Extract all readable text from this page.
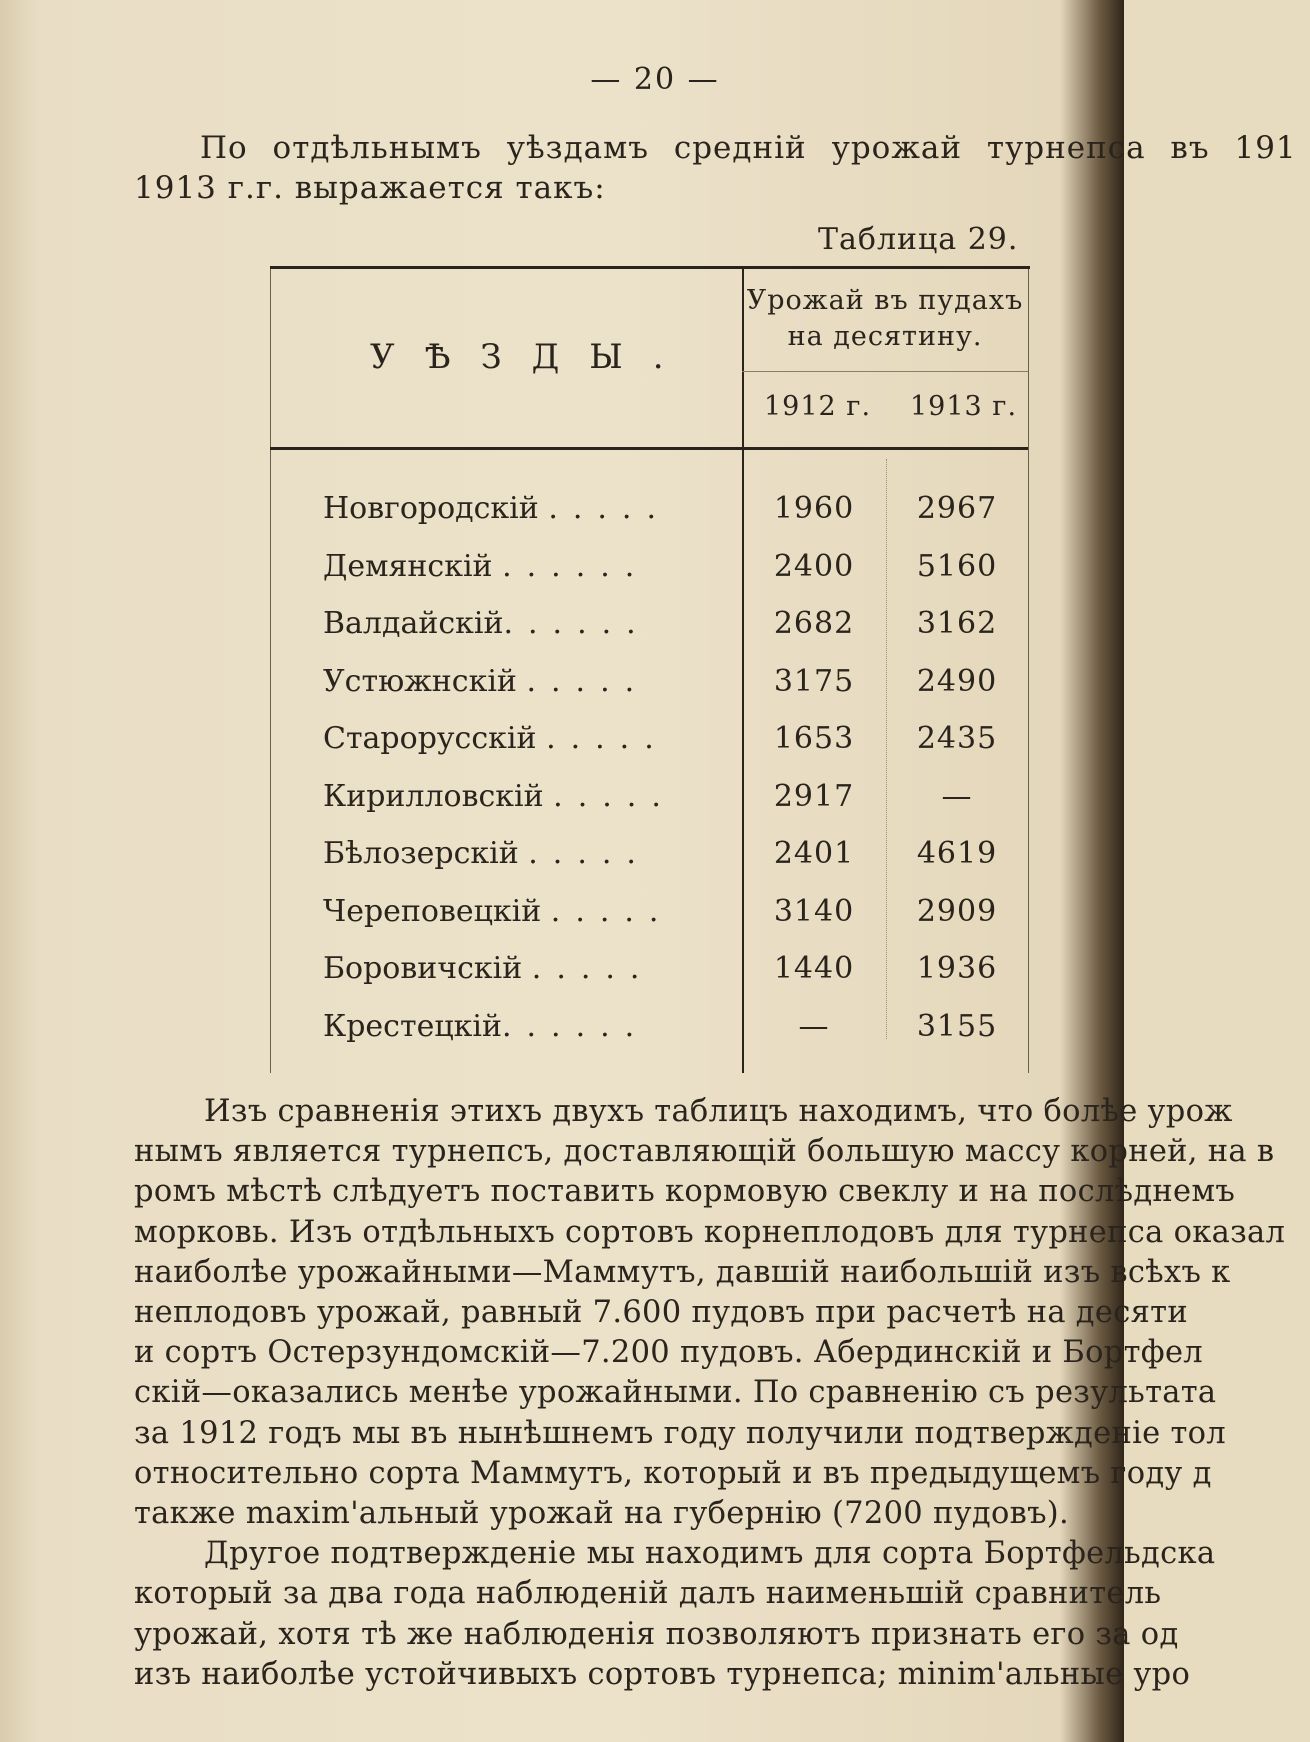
— 20 —

По отдѣльнымъ уѣздамъ средній урожай турнепса въ 191

1913 г.г. выражается такъ:

Таблица 29.
УѢЗДЫ.
Урожай въ пудахъ
на десятину.
1912 г. 1913 г.
Новгородскій .....	1960	2967
Демянскій ......	2400	5160
Валдайскій......	2682	3162
Устюжнскій .....	3175	2490
Старорусскій .....	1653	2435
Кирилловскій .....	2917	—
Бѣлозерскій .....	2401	4619
Череповецкій .....	3140	2909
Боровичскій .....	1440	1936
Крестецкій......	—	3155

Изъ сравненія этихъ двухъ таблицъ находимъ, что болѣе урож

нымъ является турнепсъ, доставляющій большую массу корней, на в

ромъ мѣстѣ слѣдуетъ поставить кормовую свеклу и на послѣднемъ

морковь. Изъ отдѣльныхъ сортовъ корнеплодовъ для турнепса оказал

наиболѣе урожайными—Маммутъ, давшій наибольшій изъ всѣхъ к

неплодовъ урожай, равный 7.600 пудовъ при расчетѣ на десяти

и сортъ Остерзундомскій—7.200 пудовъ. Абердинскій и Бортфел

скій—оказались менѣе урожайными. По сравненію съ результата

за 1912 годъ мы въ нынѣшнемъ году получили подтвержденіе тол

относительно сорта Маммутъ, который и въ предыдущемъ году д

также maxim'альный урожай на губернію (7200 пудовъ).

Другое подтвержденіе мы находимъ для сорта Бортфельдска

который за два года наблюденій далъ наименьшій сравнитель

урожай, хотя тѣ же наблюденія позволяютъ признать его за од

изъ наиболѣе устойчивыхъ сортовъ турнепса; minim'альные уро
